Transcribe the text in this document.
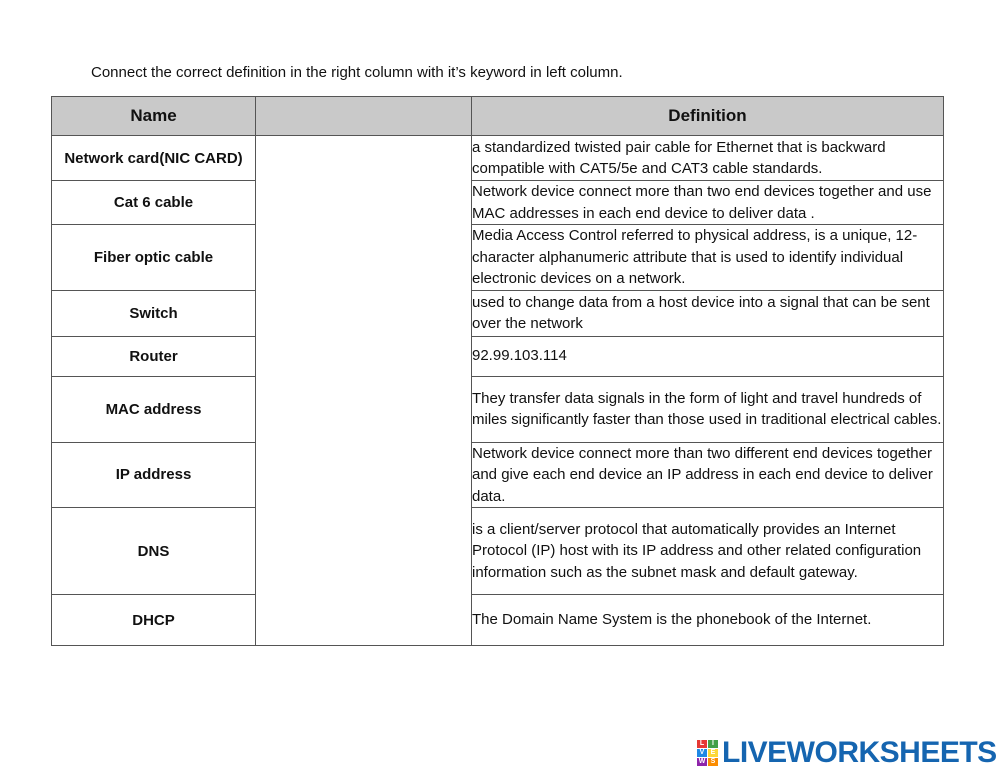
Connect the correct definition in the right column with it’s keyword in left column.
Name		Definition
Network card(NIC CARD)		a standardized twisted pair cable for Ethernet that is backward compatible with CAT5/5e and CAT3 cable standards.
Cat 6 cable		Network device connect more than two end devices together and use MAC addresses in each end device to deliver data .
Fiber optic cable		Media Access Control referred to physical address, is a unique, 12-character alphanumeric attribute that is used to identify individual electronic devices on a network.
Switch		used to change data from a host device into a signal that can be sent over the network
Router		92.99.103.114
MAC address		They transfer data signals in the form of light and travel hundreds of miles significantly faster than those used in traditional electrical cables.
IP address		Network device connect more than two different end devices together and give each end device an IP address in each end device to deliver data.
DNS		is a client/server protocol that automatically provides an Internet Protocol (IP) host with its IP address and other related configuration information such as the subnet mask and default gateway.
DHCP		The Domain Name System is the phonebook of the Internet.
L	I
V E
W S LIVEWORKSHEETS
